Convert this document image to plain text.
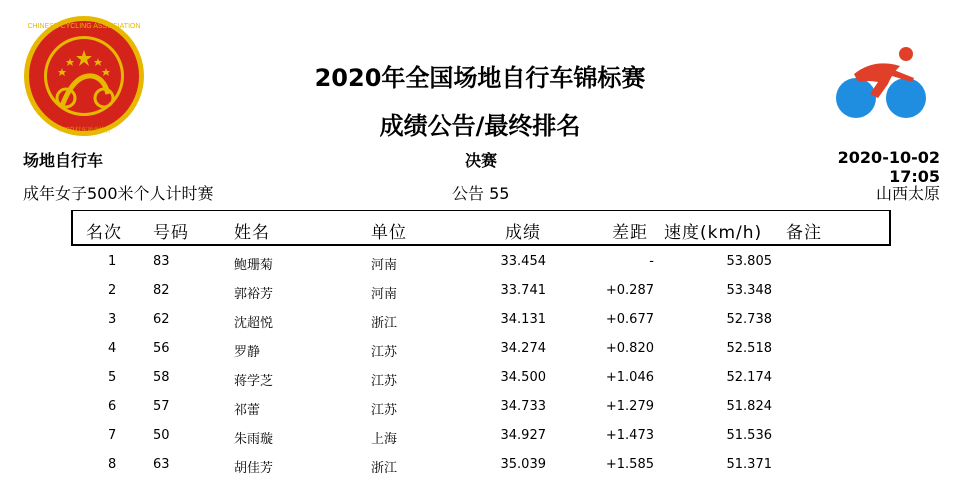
CHINESE CYCLING ASSOCIATION
中国自行车运动协会
2020年全国场地自行车锦标赛
成绩公告/最终排名
场地自行车	决赛	2020-10-02 17:05
成年女子500米个人计时赛	公告 55	山西太原
名次 号码	姓名	单位	成绩	差距 速度(km/h) 备注
1	83	鲍珊菊	河南	33.454	-	53.805
2	82	郭裕芳	河南	33.741	+0.287	53.348
3	62	沈超悦	浙江	34.131	+0.677	52.738
4	56	罗静	江苏	34.274	+0.820	52.518
5	58	蒋学芝	江苏	34.500	+1.046	52.174
6	57	祁蕾	江苏	34.733	+1.279	51.824
7	50	朱雨璇	上海	34.927	+1.473	51.536
8	63	胡佳芳	浙江	35.039	+1.585	51.371
